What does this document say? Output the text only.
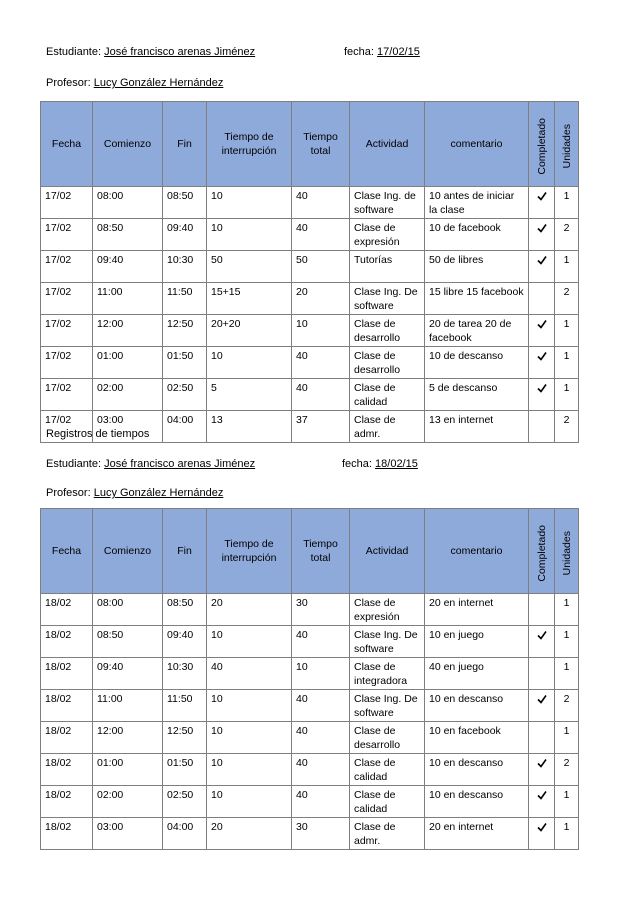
Estudiante: José francisco arenas Jiménez	fecha: 17/02/15
Profesor: Lucy González Hernández
Fecha	Comienzo	Fin	Tiempo de interrupción	Tiempo total	Actividad	comentario	Completado	Unidades

17/02	08:00	08:50	10	40	Clase Ing. de software	10 antes de iniciar la clase		1
17/02	08:50	09:40	10	40	Clase de expresión	10 de facebook		2
17/02	09:40	10:30	50	50	Tutorías	50 de libres		1
17/02	11:00	11:50	15+15	20	Clase Ing. De software	15 libre 15 facebook		2
17/02	12:00	12:50	20+20	10	Clase de desarrollo	20 de tarea 20 de facebook		1
17/02	01:00	01:50	10	40	Clase de desarrollo	10 de descanso		1
17/02	02:00	02:50	5	40	Clase de calidad	5 de descanso		1
17/02	03:00	04:00	13	37	Clase de admr.	13 en internet		2
Registros de tiempos
Estudiante: José francisco arenas Jiménez	fecha: 18/02/15
Profesor: Lucy González Hernández
Fecha	Comienzo	Fin	Tiempo de interrupción	Tiempo total	Actividad	comentario	Completado	Unidades

18/02	08:00	08:50	20	30	Clase de expresión	20 en internet		1
18/02	08:50	09:40	10	40	Clase Ing. De software	10 en juego		1
18/02	09:40	10:30	40	10	Clase de integradora	40 en juego		1
18/02	11:00	11:50	10	40	Clase Ing. De software	10 en descanso		2
18/02	12:00	12:50	10	40	Clase de desarrollo	10 en facebook		1
18/02	01:00	01:50	10	40	Clase de calidad	10 en descanso		2
18/02	02:00	02:50	10	40	Clase de calidad	10 en descanso		1
18/02	03:00	04:00	20	30	Clase de admr.	20 en internet		1
